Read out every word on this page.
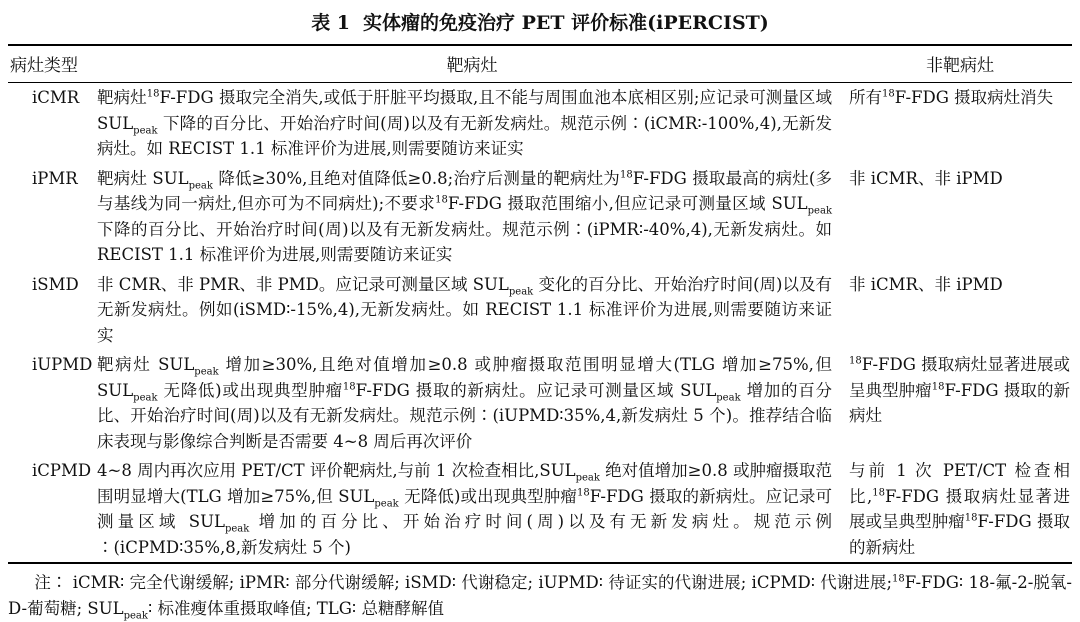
表 1 实体瘤的免疫治疗 PET 评价标准(iPERCIST)
病灶类型	靶病灶	非靶病灶
iCMR	靶病灶$^{18}$F-FDG 摄取完全消失,或低于肝脏平均摄取,且不能与周围血池本底相区别;应记录可测量区域 $SUL_{peak}$ 下降的百分比、开始治疗时间(周)以及有无新发病灶。规范示例∶(iCMR∶-100%,4),无新发病灶。如 RECIST 1.1 标准评价为进展,则需要随访来证实	所有$^{18}$F-FDG 摄取病灶消失
iPMR	靶病灶 $SUL_{peak}$ 降低≥30%,且绝对值降低≥0.8;治疗后测量的靶病灶为$^{18}$F-FDG 摄取最高的病灶(多与基线为同一病灶,但亦可为不同病灶);不要求$^{18}$F-FDG 摄取范围缩小,但应记录可测量区域 $SUL_{peak}$ 下降的百分比、开始治疗时间(周)以及有无新发病灶。规范示例∶(iPMR∶-40%,4),无新发病灶。如 RECIST 1.1 标准评价为进展,则需要随访来证实	非 iCMR、非 iPMD
iSMD	非 CMR、非 PMR、非 PMD。应记录可测量区域 $SUL_{peak}$ 变化的百分比、开始治疗时间(周)以及有无新发病灶。例如(iSMD∶-15%,4),无新发病灶。如 RECIST 1.1 标准评价为进展,则需要随访来证实	非 iCMR、非 iPMD
iUPMD	靶病灶 $SUL_{peak}$ 增加≥30%,且绝对值增加≥0.8 或肿瘤摄取范围明显增大(TLG 增加≥75%,但 $SUL_{peak}$ 无降低)或出现典型肿瘤$^{18}$F-FDG 摄取的新病灶。应记录可测量区域 $SUL_{peak}$ 增加的百分比、开始治疗时间(周)以及有无新发病灶。规范示例∶(iUPMD∶35%,4,新发病灶 5 个)。推荐结合临床表现与影像综合判断是否需要 4~8 周后再次评价	$^{18}$F-FDG 摄取病灶显著进展或呈典型肿瘤$^{18}$F-FDG 摄取的新病灶
iCPMD	4~8 周内再次应用 PET/CT 评价靶病灶,与前 1 次检查相比$,SUL_{peak}$ 绝对值增加≥0.8 或肿瘤摄取范围明显增大(TLG 增加≥75%,但 $SUL_{peak}$ 无降低)或出现典型肿瘤$^{18}$F-FDG 摄取的新病灶。应记录可测量区域 $SUL_{peak}$ 增加的百分比、开始治疗时间(周)以及有无新发病灶。规范示例∶(iCPMD∶35%,8,新发病灶 5 个)	与前 1 次 PET/CT 检查相比,$^{18}$F-FDG 摄取病灶显著进展或呈典型肿瘤$^{18}$F-FDG 摄取的新病灶

注∶ iCMR∶ 完全代谢缓解; iPMR∶ 部分代谢缓解; iSMD∶ 代谢稳定; iUPMD∶ 待证实的代谢进展; iCPMD∶ 代谢进展;$^{18}$F-FDG∶ 18-氟-2-脱氧-D-葡萄糖; $SUL_{peak}∶$ 标准瘦体重摄取峰值; TLG∶ 总糖酵解值
